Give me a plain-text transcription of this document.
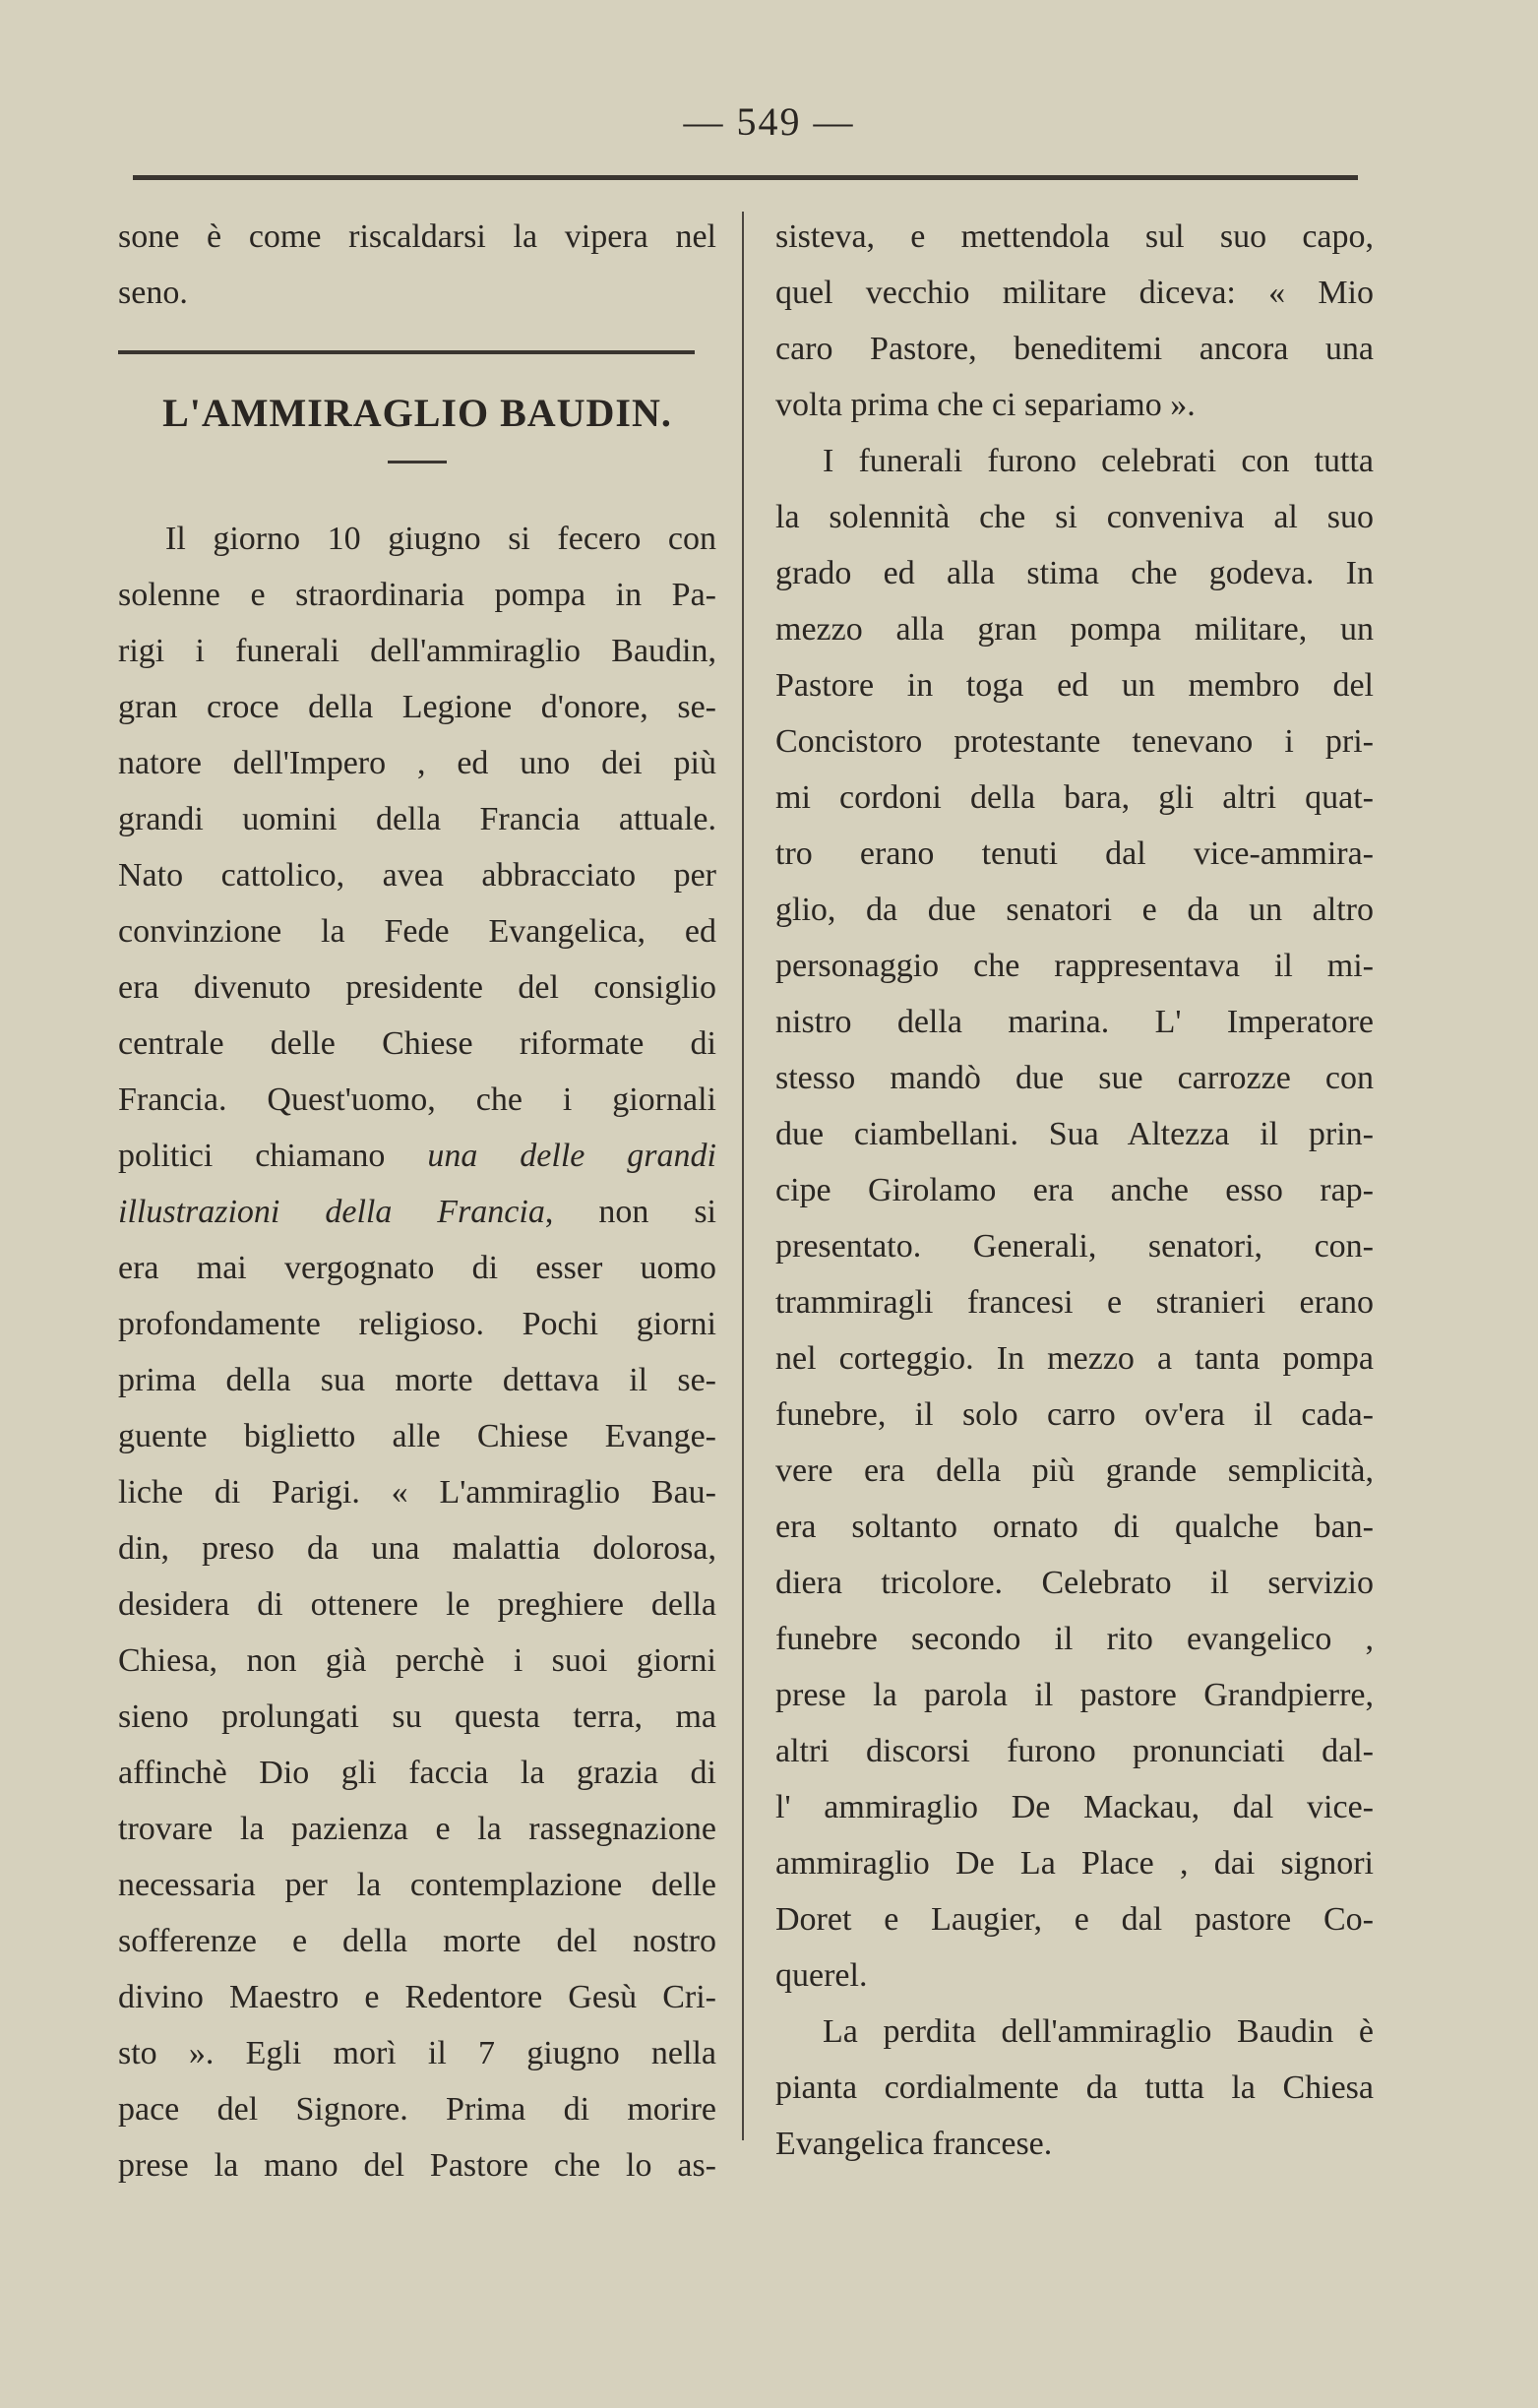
— 549 —
sone è come riscaldarsi la vipera nel
seno.
L'AMMIRAGLIO BAUDIN.
Il giorno 10 giugno si fecero con
solenne e straordinaria pompa in Pa-
rigi i funerali dell'ammiraglio Baudin,
gran croce della Legione d'onore, se-
natore dell'Impero , ed uno dei più
grandi uomini della Francia attuale.
Nato cattolico, avea abbracciato per
convinzione la Fede Evangelica, ed
era divenuto presidente del consiglio
centrale delle Chiese riformate di
Francia. Quest'uomo, che i giornali
politici chiamano una delle grandi
illustrazioni della Francia, non si
era mai vergognato di esser uomo
profondamente religioso. Pochi giorni
prima della sua morte dettava il se-
guente biglietto alle Chiese Evange-
liche di Parigi. « L'ammiraglio Bau-
din, preso da una malattia dolorosa,
desidera di ottenere le preghiere della
Chiesa, non già perchè i suoi giorni
sieno prolungati su questa terra, ma
affinchè Dio gli faccia la grazia di
trovare la pazienza e la rassegnazione
necessaria per la contemplazione delle
sofferenze e della morte del nostro
divino Maestro e Redentore Gesù Cri-
sto ». Egli morì il 7 giugno nella
pace del Signore. Prima di morire
prese la mano del Pastore che lo as-
sisteva, e mettendola sul suo capo,
quel vecchio militare diceva: « Mio
caro Pastore, beneditemi ancora una
volta prima che ci separiamo ».
I funerali furono celebrati con tutta
la solennità che si conveniva al suo
grado ed alla stima che godeva. In
mezzo alla gran pompa militare, un
Pastore in toga ed un membro del
Concistoro protestante tenevano i pri-
mi cordoni della bara, gli altri quat-
tro erano tenuti dal vice-ammira-
glio, da due senatori e da un altro
personaggio che rappresentava il mi-
nistro della marina. L' Imperatore
stesso mandò due sue carrozze con
due ciambellani. Sua Altezza il prin-
cipe Girolamo era anche esso rap-
presentato. Generali, senatori, con-
trammiragli francesi e stranieri erano
nel corteggio. In mezzo a tanta pompa
funebre, il solo carro ov'era il cada-
vere era della più grande semplicità,
era soltanto ornato di qualche ban-
diera tricolore. Celebrato il servizio
funebre secondo il rito evangelico ,
prese la parola il pastore Grandpierre,
altri discorsi furono pronunciati dal-
l' ammiraglio De Mackau, dal vice-
ammiraglio De La Place , dai signori
Doret e Laugier, e dal pastore Co-
querel.
La perdita dell'ammiraglio Baudin è
pianta cordialmente da tutta la Chiesa
Evangelica francese.
